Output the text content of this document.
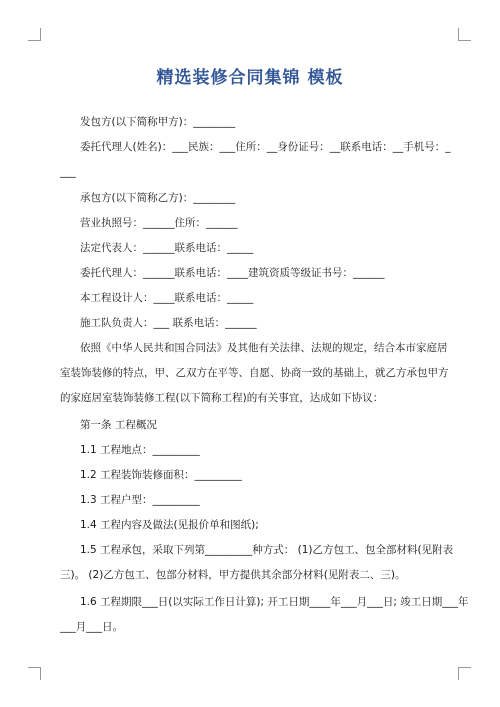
精选装修合同集锦 模板
发包方(以下简称甲方)：________
委托代理人(姓名)：___民族：___住所：__身份证号：__联系电话：__手机号：_
___
承包方(以下简称乙方)：________
营业执照号：______住所：______
法定代表人：______联系电话：_____
委托代理人：______联系电话：____建筑资质等级证书号：______
本工程设计人：____联系电话：_____
施工队负责人：___ 联系电话：______
依照《中华人民共和国合同法》及其他有关法律、法规的规定，结合本市家庭居
室装饰装修的特点，甲、乙双方在平等、自愿、协商一致的基础上，就乙方承包甲方
的家庭居室装饰装修工程(以下简称工程)的有关事宜，达成如下协议：
第一条 工程概况
1.1 工程地点：_________
1.2 工程装饰装修面积：_________
1.3 工程户型：_________
1.4 工程内容及做法(见报价单和图纸);
1.5 工程承包，采取下列第_________种方式： (1)乙方包工、包全部材料(见附表
三)。 (2)乙方包工、包部分材料，甲方提供其余部分材料(见附表二、三)。
1.6 工程期限___日(以实际工作日计算); 开工日期____年___月___日; 竣工日期___年
___月___日。
